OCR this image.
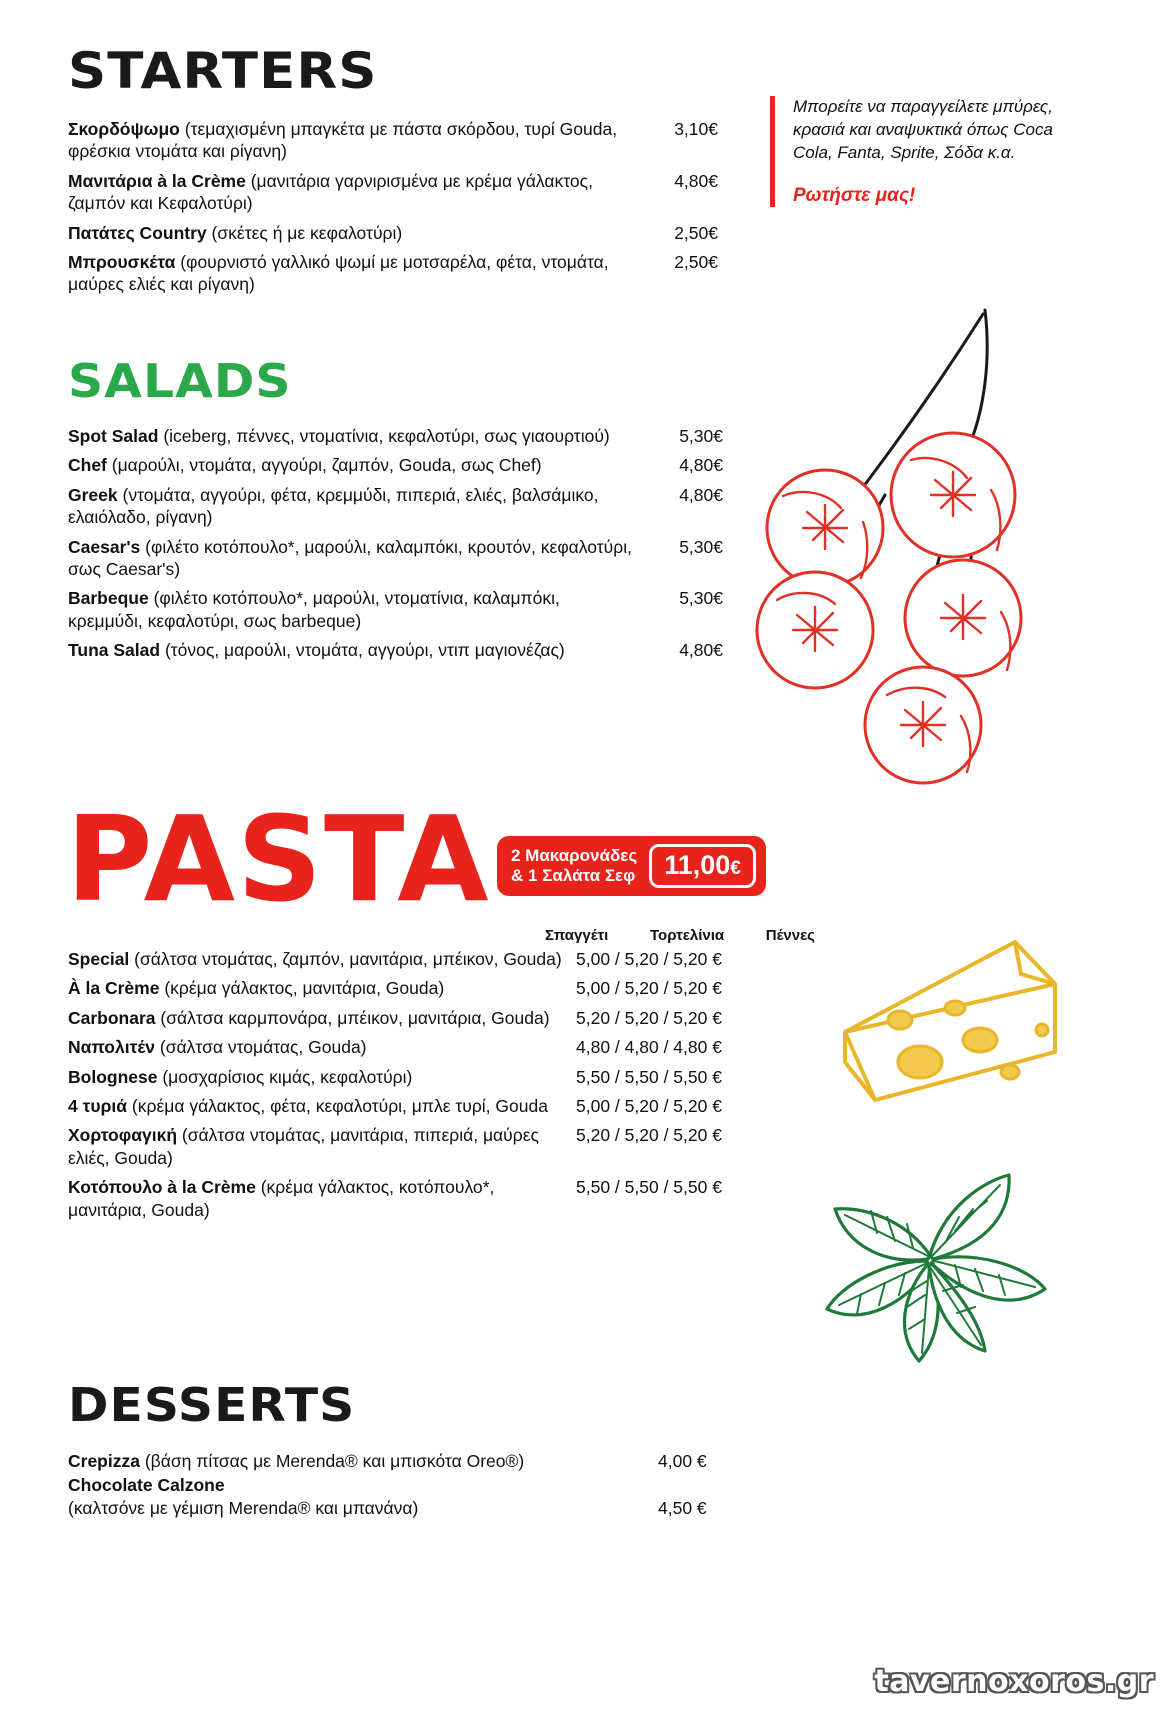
STARTERS
Σκορδόψωμο (τεμαχισμένη μπαγκέτα με πάστα σκόρδου, τυρί Gouda, φρέσκια ντομάτα και ρίγανη)
3,10€
Μανιτάρια à la Crème (μανιτάρια γαρνιρισμένα με κρέμα γάλακτος, ζαμπόν και Κεφαλοτύρι)
4,80€
Πατάτες Country (σκέτες ή με κεφαλοτύρι)	2,50€
Μπρουσκέτα (φουρνιστό γαλλικό ψωμί με μοτσαρέλα, φέτα, ντομάτα, μαύρες ελιές και ρίγανη)
2,50€
Μπορείτε να παραγγείλετε μπύρες, κρασιά και αναψυκτικά όπως Coca Cola, Fanta, Sprite, Σόδα κ.α.
Ρωτήστε μας!
SALADS
Spot Salad (iceberg, πέννες, ντοματίνια, κεφαλοτύρι, σως γιαουρτιού)	5,30€
Chef (μαρούλι, ντομάτα, αγγούρι, ζαμπόν, Gouda, σως Chef)	4,80€
Greek (ντομάτα, αγγούρι, φέτα, κρεμμύδι, πιπεριά, ελιές, βαλσάμικο, ελαιόλαδο, ρίγανη)
4,80€
Caesar's (φιλέτο κοτόπουλο*, μαρούλι, καλαμπόκι, κρουτόν, κεφαλοτύρι, σως Caesar's)
5,30€
Barbeque (φιλέτο κοτόπουλο*, μαρούλι, ντοματίνια, καλαμπόκι, κρεμμύδι, κεφαλοτύρι, σως barbeque)
5,30€
Tuna Salad (τόνος, μαρούλι, ντομάτα, αγγούρι, ντιπ μαγιονέζας)	4,80€
PASTA 2 Μακαρονάδες
& 1 Σαλάτα Σεφ	11,00€
Σπαγγέτι	Τορτελίνια	Πέννες
Special (σάλτσα ντομάτας, ζαμπόν, μανιτάρια, μπέικον, Gouda) 5,00 / 5,20 / 5,20 €
À la Crème (κρέμα γάλακτος, μανιτάρια, Gouda)	5,00 / 5,20 / 5,20 €
Carbonara (σάλτσα καρμπονάρα, μπέικον, μανιτάρια, Gouda)	5,20 / 5,20 / 5,20 €
Ναπολιτέν (σάλτσα ντομάτας, Gouda)	4,80 / 4,80 / 4,80 €
Bolognese (μοσχαρίσιος κιμάς, κεφαλοτύρι)	5,50 / 5,50 / 5,50 €
4 τυριά (κρέμα γάλακτος, φέτα, κεφαλοτύρι, μπλε τυρί, Gouda	5,00 / 5,20 / 5,20 €
Χορτοφαγική (σάλτσα ντομάτας, μανιτάρια, πιπεριά, μαύρες ελιές, Gouda)
5,20 / 5,20 / 5,20 €
Κοτόπουλο à la Crème (κρέμα γάλακτος, κοτόπουλο*, μανιτάρια, Gouda)
5,50 / 5,50 / 5,50 €
DESSERTS
Crepizza (βάση πίτσας με Merenda® και μπισκότα Oreo®)	4,00 €
Chocolate Calzone
(καλτσόνε με γέμιση Merenda® και μπανάνα)	4,50 €
tavernoxoros.gr
